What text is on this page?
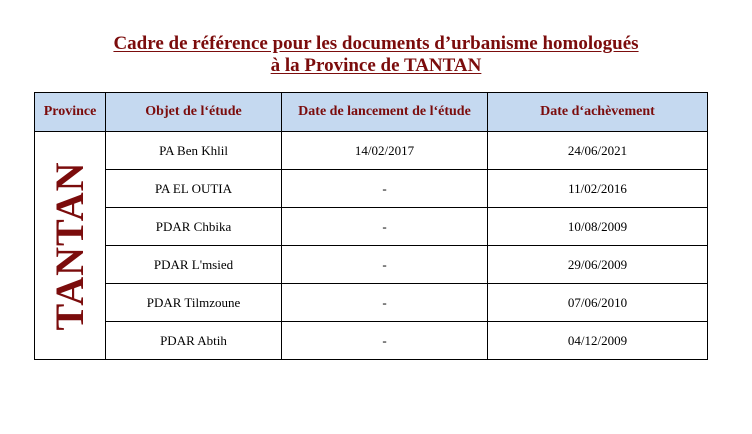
Cadre de référence pour les documents d’urbanisme homologués
à la Province de TANTAN
Province	Objet de l‘étude	Date de lancement de l‘étude	Date d‘achèvement

TANTAN	PA Ben Khlil	14/02/2017	24/06/2021
	PA EL OUTIA	-	11/02/2016
	PDAR Chbika	-	10/08/2009
	PDAR L'msied	-	29/06/2009
	PDAR Tilmzoune	-	07/06/2010
	PDAR Abtih	-	04/12/2009
